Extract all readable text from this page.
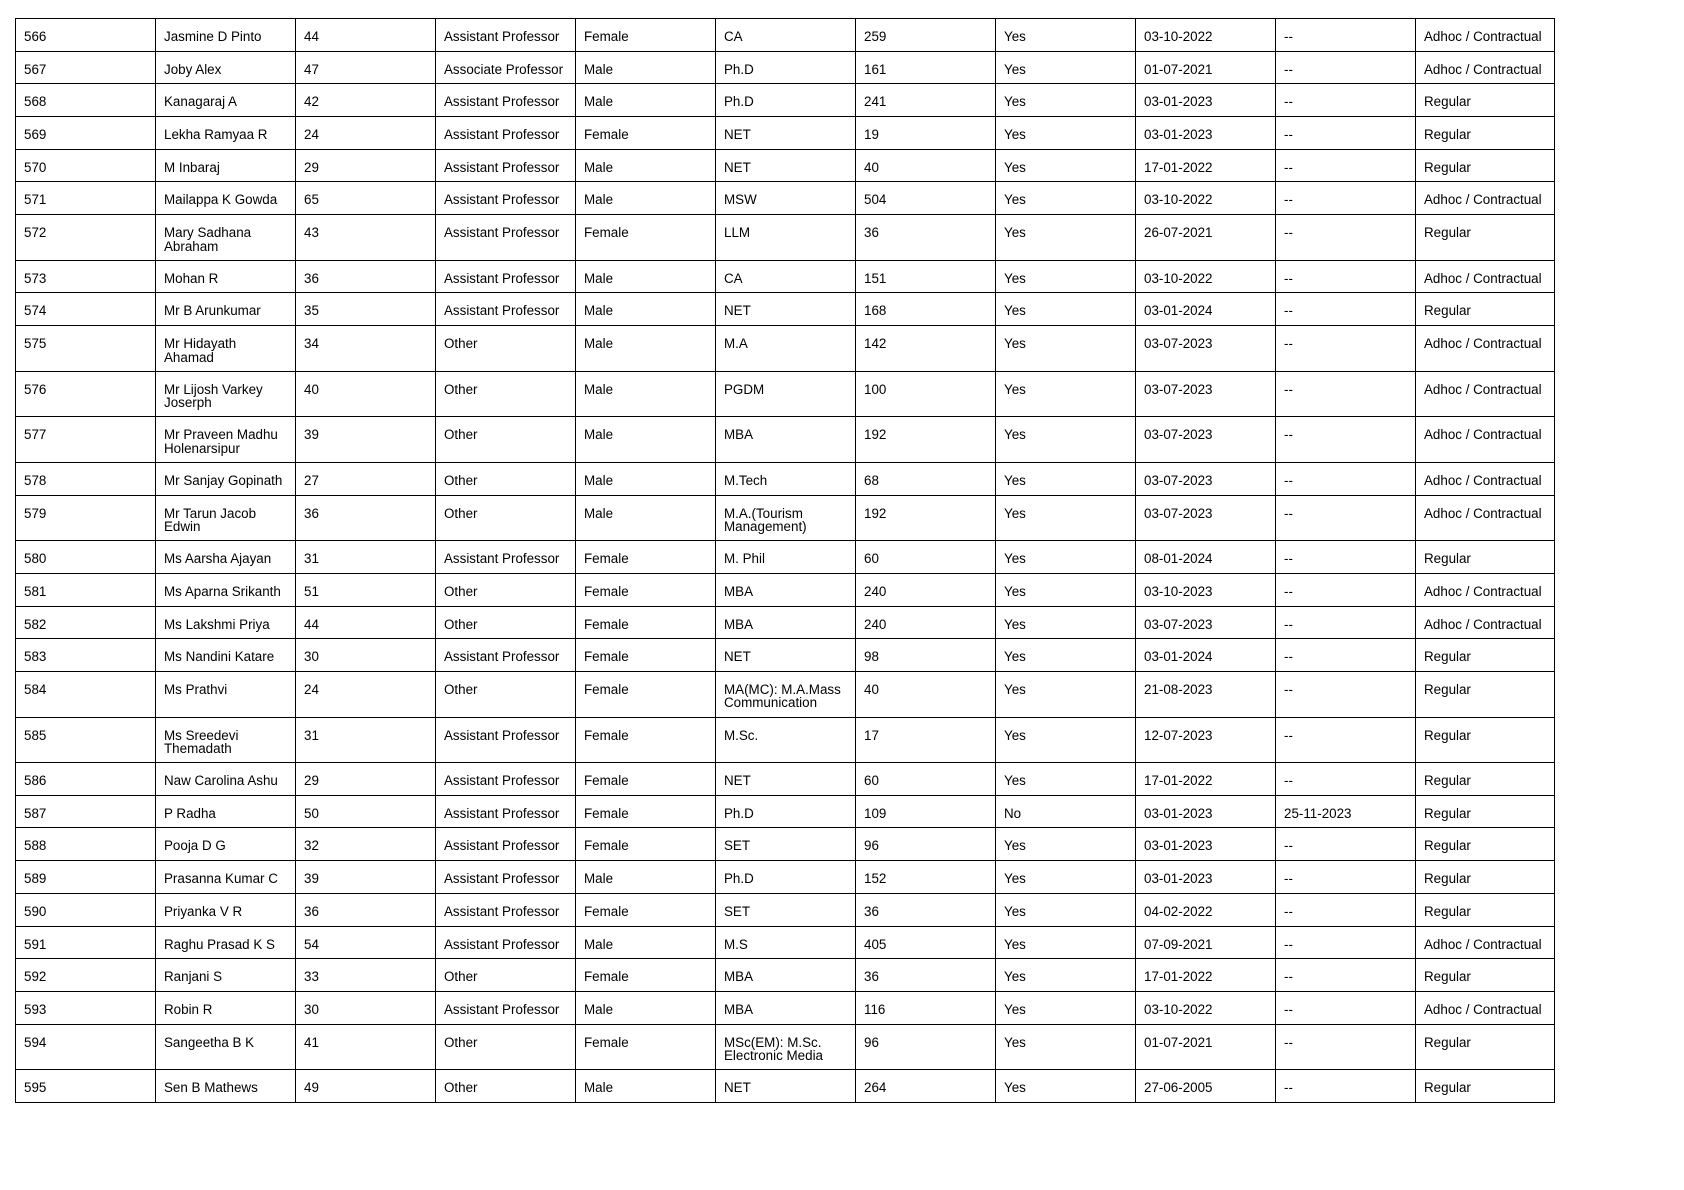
566	Jasmine D Pinto	44	Assistant Professor	Female	CA	259	Yes	03-10-2022	--	Adhoc / Contractual
567	Joby Alex	47	Associate Professor	Male	Ph.D	161	Yes	01-07-2021	--	Adhoc / Contractual
568	Kanagaraj A	42	Assistant Professor	Male	Ph.D	241	Yes	03-01-2023	--	Regular
569	Lekha Ramyaa R	24	Assistant Professor	Female	NET	19	Yes	03-01-2023	--	Regular
570	M Inbaraj	29	Assistant Professor	Male	NET	40	Yes	17-01-2022	--	Regular
571	Mailappa K Gowda	65	Assistant Professor	Male	MSW	504	Yes	03-10-2022	--	Adhoc / Contractual
572	Mary Sadhana Abraham	43	Assistant Professor	Female	LLM	36	Yes	26-07-2021	--	Regular
573	Mohan R	36	Assistant Professor	Male	CA	151	Yes	03-10-2022	--	Adhoc / Contractual
574	Mr B Arunkumar	35	Assistant Professor	Male	NET	168	Yes	03-01-2024	--	Regular
575	Mr Hidayath Ahamad	34	Other	Male	M.A	142	Yes	03-07-2023	--	Adhoc / Contractual
576	Mr Lijosh Varkey Joserph	40	Other	Male	PGDM	100	Yes	03-07-2023	--	Adhoc / Contractual
577	Mr Praveen Madhu Holenarsipur	39	Other	Male	MBA	192	Yes	03-07-2023	--	Adhoc / Contractual
578	Mr Sanjay Gopinath	27	Other	Male	M.Tech	68	Yes	03-07-2023	--	Adhoc / Contractual
579	Mr Tarun Jacob Edwin	36	Other	Male	M.A.(Tourism Management)	192	Yes	03-07-2023	--	Adhoc / Contractual
580	Ms Aarsha Ajayan	31	Assistant Professor	Female	M. Phil	60	Yes	08-01-2024	--	Regular
581	Ms Aparna Srikanth	51	Other	Female	MBA	240	Yes	03-10-2023	--	Adhoc / Contractual
582	Ms Lakshmi Priya	44	Other	Female	MBA	240	Yes	03-07-2023	--	Adhoc / Contractual
583	Ms Nandini Katare	30	Assistant Professor	Female	NET	98	Yes	03-01-2024	--	Regular
584	Ms Prathvi	24	Other	Female	MA(MC): M.A.Mass Communication	40	Yes	21-08-2023	--	Regular
585	Ms Sreedevi Themadath	31	Assistant Professor	Female	M.Sc.	17	Yes	12-07-2023	--	Regular
586	Naw Carolina Ashu	29	Assistant Professor	Female	NET	60	Yes	17-01-2022	--	Regular
587	P Radha	50	Assistant Professor	Female	Ph.D	109	No	03-01-2023	25-11-2023	Regular
588	Pooja D G	32	Assistant Professor	Female	SET	96	Yes	03-01-2023	--	Regular
589	Prasanna Kumar C	39	Assistant Professor	Male	Ph.D	152	Yes	03-01-2023	--	Regular
590	Priyanka V R	36	Assistant Professor	Female	SET	36	Yes	04-02-2022	--	Regular
591	Raghu Prasad K S	54	Assistant Professor	Male	M.S	405	Yes	07-09-2021	--	Adhoc / Contractual
592	Ranjani S	33	Other	Female	MBA	36	Yes	17-01-2022	--	Regular
593	Robin R	30	Assistant Professor	Male	MBA	116	Yes	03-10-2022	--	Adhoc / Contractual
594	Sangeetha B K	41	Other	Female	MSc(EM): M.Sc. Electronic Media	96	Yes	01-07-2021	--	Regular
595	Sen B Mathews	49	Other	Male	NET	264	Yes	27-06-2005	--	Regular
